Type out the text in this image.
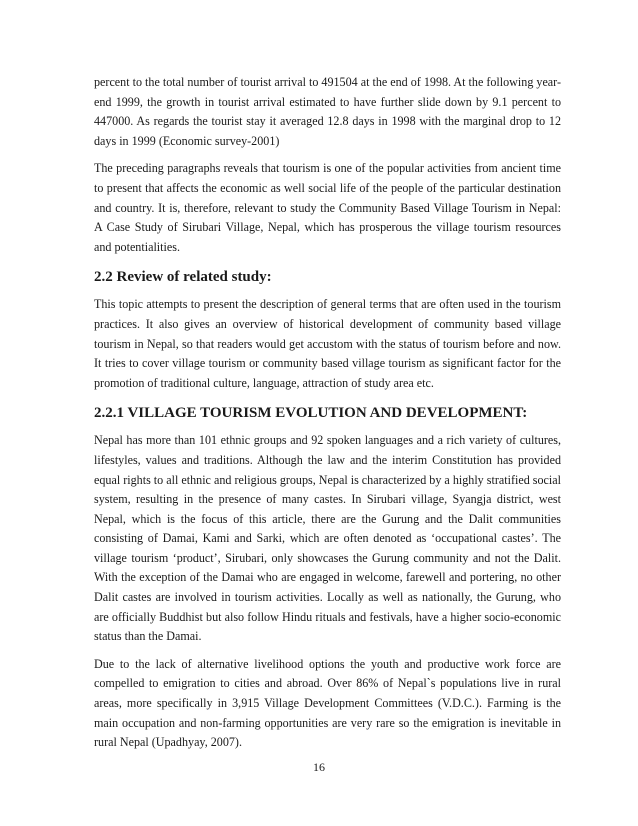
percent to the total number of tourist arrival to 491504 at the end of 1998. At the following year-end 1999, the growth in tourist arrival estimated to have further slide down by 9.1 percent to 447000. As regards the tourist stay it averaged 12.8 days in 1998 with the marginal drop to 12 days in 1999 (Economic survey-2001)

The preceding paragraphs reveals that tourism is one of the popular activities from ancient time to present that affects the economic as well social life of the people of the particular destination and country. It is, therefore, relevant to study the Community Based Village Tourism in Nepal: A Case Study of Sirubari Village, Nepal, which has prosperous the village tourism resources and potentialities.

2.2 Review of related study:

This topic attempts to present the description of general terms that are often used in the tourism practices. It also gives an overview of historical development of community based village tourism in Nepal, so that readers would get accustom with the status of tourism before and now. It tries to cover village tourism or community based village tourism as significant factor for the promotion of traditional culture, language, attraction of study area etc.

2.2.1 VILLAGE TOURISM EVOLUTION AND DEVELOPMENT:

Nepal has more than 101 ethnic groups and 92 spoken languages and a rich variety of cultures, lifestyles, values and traditions. Although the law and the interim Constitution has provided equal rights to all ethnic and religious groups, Nepal is characterized by a highly stratified social system, resulting in the presence of many castes. In Sirubari village, Syangja district, west Nepal, which is the focus of this article, there are the Gurung and the Dalit communities consisting of Damai, Kami and Sarki, which are often denoted as ‘occupational castes’. The village tourism ‘product’, Sirubari, only showcases the Gurung community and not the Dalit. With the exception of the Damai who are engaged in welcome, farewell and portering, no other Dalit castes are involved in tourism activities. Locally as well as nationally, the Gurung, who are officially Buddhist but also follow Hindu rituals and festivals, have a higher socio-economic status than the Damai.

Due to the lack of alternative livelihood options the youth and productive work force are compelled to emigration to cities and abroad. Over 86% of Nepal`s populations live in rural areas, more specifically in 3,915 Village Development Committees (V.D.C.). Farming is the main occupation and non-farming opportunities are very rare so the emigration is inevitable in rural Nepal (Upadhyay, 2007).

16
